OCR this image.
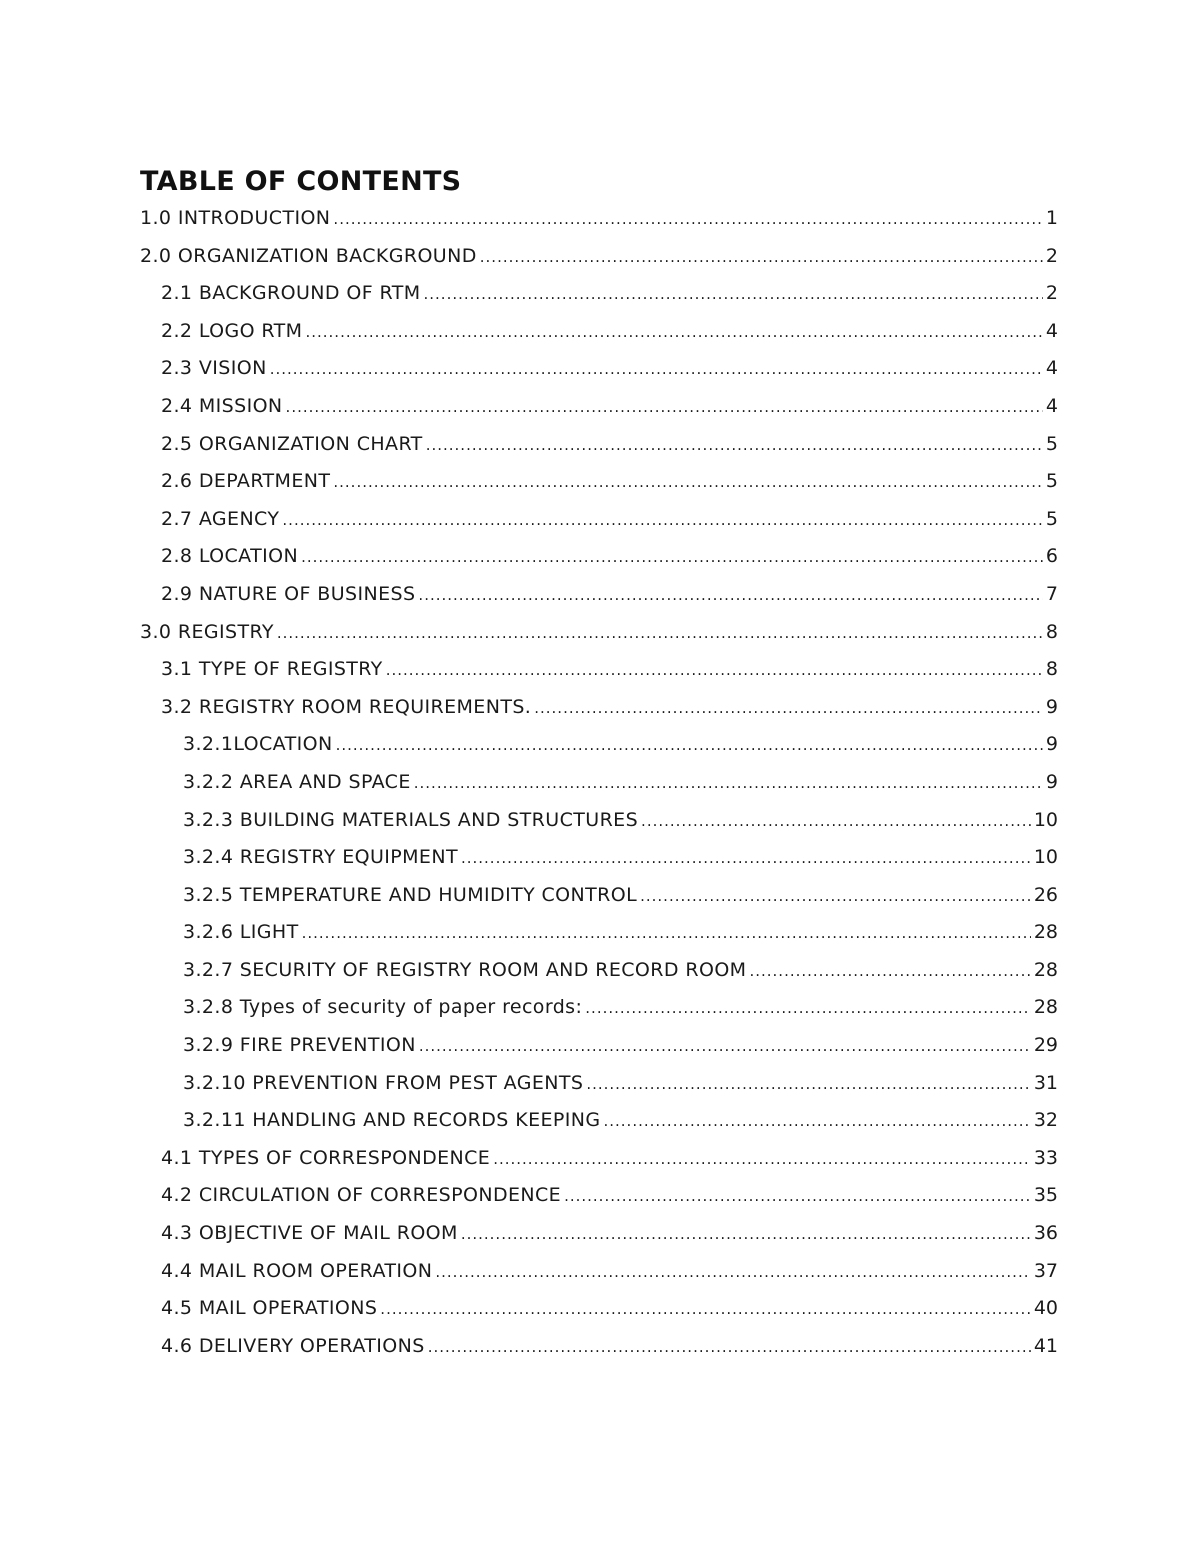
TABLE OF CONTENTS
1.0 INTRODUCTION .....	1
2.0 ORGANIZATION BACKGROUND .....	2
2.1 BACKGROUND OF RTM .....	2
2.2 LOGO RTM .....	4
2.3 VISION .....	4
2.4 MISSION .....	4
2.5 ORGANIZATION CHART .....	5
2.6 DEPARTMENT .....	5
2.7 AGENCY .....	5
2.8 LOCATION .....	6
2.9 NATURE OF BUSINESS .....	7
3.0 REGISTRY .....	8
3.1 TYPE OF REGISTRY .....	8
3.2 REGISTRY ROOM REQUIREMENTS. .....	9
3.2.1LOCATION .....	9
3.2.2 AREA AND SPACE .....	9
3.2.3 BUILDING MATERIALS AND STRUCTURES .....	10
3.2.4 REGISTRY EQUIPMENT .....	10
3.2.5 TEMPERATURE AND HUMIDITY CONTROL .....	26
3.2.6 LIGHT .....	28
3.2.7 SECURITY OF REGISTRY ROOM AND RECORD ROOM .....	28
3.2.8 Types of security of paper records: .....	28
3.2.9 FIRE PREVENTION .....	29
3.2.10 PREVENTION FROM PEST AGENTS .....	31
3.2.11 HANDLING AND RECORDS KEEPING .....	32
4.1 TYPES OF CORRESPONDENCE .....	33
4.2 CIRCULATION OF CORRESPONDENCE .....	35
4.3 OBJECTIVE OF MAIL ROOM .....	36
4.4 MAIL ROOM OPERATION .....	37
4.5 MAIL OPERATIONS .....	40
4.6 DELIVERY OPERATIONS .....	41
